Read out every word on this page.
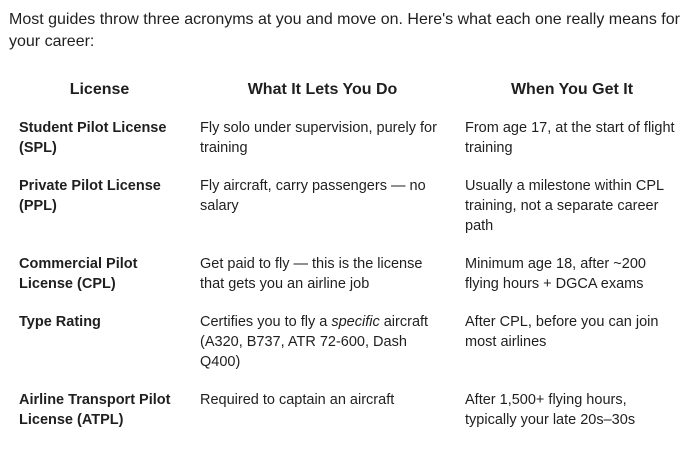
Most guides throw three acronyms at you and move on. Here's what each one really means for your career:

License	What It Lets You Do	When You Get It
Student Pilot License (SPL)	Fly solo under supervision, purely for training	From age 17, at the start of flight training
Private Pilot License (PPL)	Fly aircraft, carry passengers — no salary	Usually a milestone within CPL training, not a separate career path
Commercial Pilot License (CPL)	Get paid to fly — this is the license that gets you an airline job	Minimum age 18, after ~200 flying hours + DGCA exams
Type Rating	Certifies you to fly a specific aircraft (A320, B737, ATR 72-600, Dash Q400)	After CPL, before you can join most airlines
Airline Transport Pilot License (ATPL)	Required to captain an aircraft	After 1,500+ flying hours, typically your late 20s–30s
